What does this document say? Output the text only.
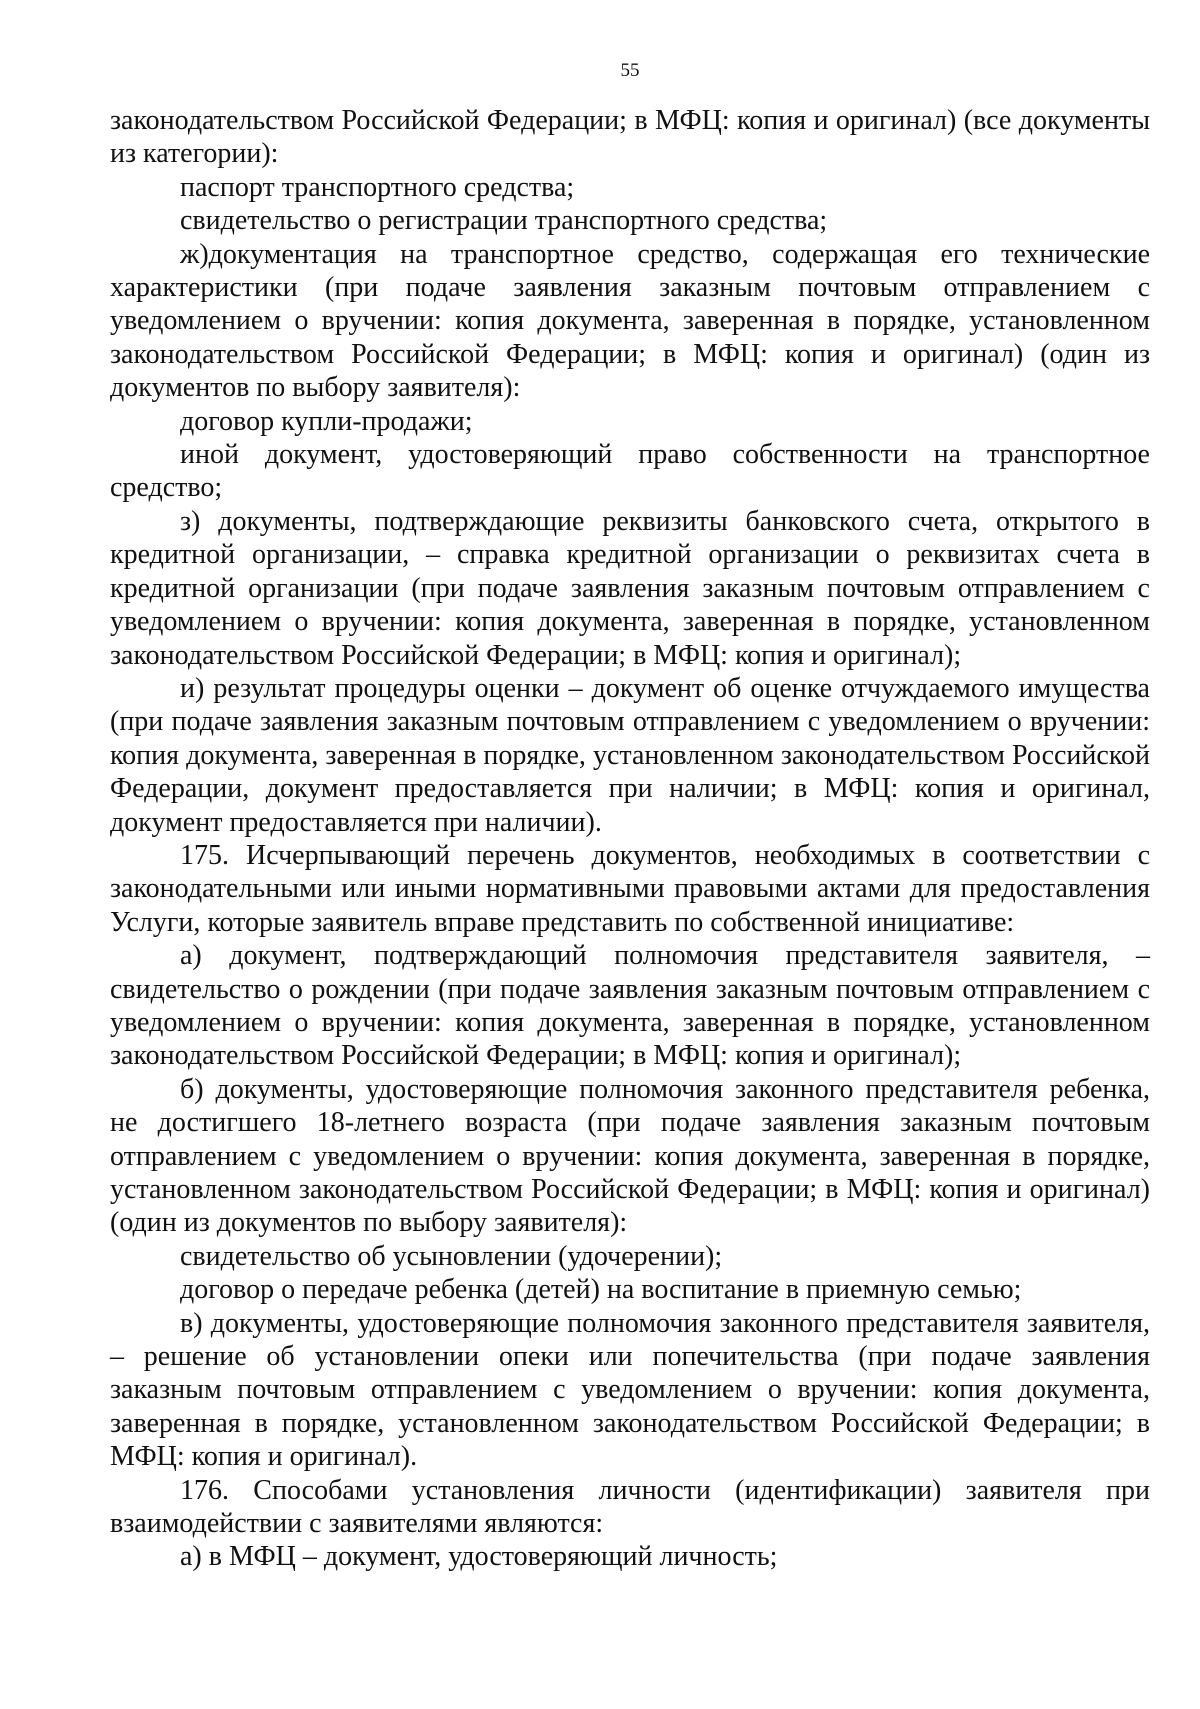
55

законодательством Российской Федерации; в МФЦ: копия и оригинал) (все документы из категории):

паспорт транспортного средства;

свидетельство о регистрации транспортного средства;

ж)документация на транспортное средство, содержащая его технические характеристики (при подаче заявления заказным почтовым отправлением с уведомлением о вручении: копия документа, заверенная в порядке, установленном законодательством Российской Федерации; в МФЦ: копия и оригинал) (один из документов по выбору заявителя):

договор купли-продажи;

иной документ, удостоверяющий право собственности на транспортное средство;

з) документы, подтверждающие реквизиты банковского счета, открытого в кредитной организации, – справка кредитной организации о реквизитах счета в кредитной организации (при подаче заявления заказным почтовым отправлением с уведомлением о вручении: копия документа, заверенная в порядке, установленном законодательством Российской Федерации; в МФЦ: копия и оригинал);

и) результат процедуры оценки – документ об оценке отчуждаемого имущества (при подаче заявления заказным почтовым отправлением с уведомлением о вручении: копия документа, заверенная в порядке, установленном законодательством Российской Федерации, документ предоставляется при наличии; в МФЦ: копия и оригинал, документ предоставляется при наличии).

175. Исчерпывающий перечень документов, необходимых в соответствии с законодательными или иными нормативными правовыми актами для предоставления Услуги, которые заявитель вправе представить по собственной инициативе:

а) документ, подтверждающий полномочия представителя заявителя, – свидетельство о рождении (при подаче заявления заказным почтовым отправлением с уведомлением о вручении: копия документа, заверенная в порядке, установленном законодательством Российской Федерации; в МФЦ: копия и оригинал);

б) документы, удостоверяющие полномочия законного представителя ребенка, не достигшего 18-летнего возраста (при подаче заявления заказным почтовым отправлением с уведомлением о вручении: копия документа, заверенная в порядке, установленном законодательством Российской Федерации; в МФЦ: копия и оригинал) (один из документов по выбору заявителя):

свидетельство об усыновлении (удочерении);

договор о передаче ребенка (детей) на воспитание в приемную семью;

в) документы, удостоверяющие полномочия законного представителя заявителя, – решение об установлении опеки или попечительства (при подаче заявления заказным почтовым отправлением с уведомлением о вручении: копия документа, заверенная в порядке, установленном законодательством Российской Федерации; в МФЦ: копия и оригинал).

176. Способами установления личности (идентификации) заявителя при взаимодействии с заявителями являются:

а) в МФЦ – документ, удостоверяющий личность;
